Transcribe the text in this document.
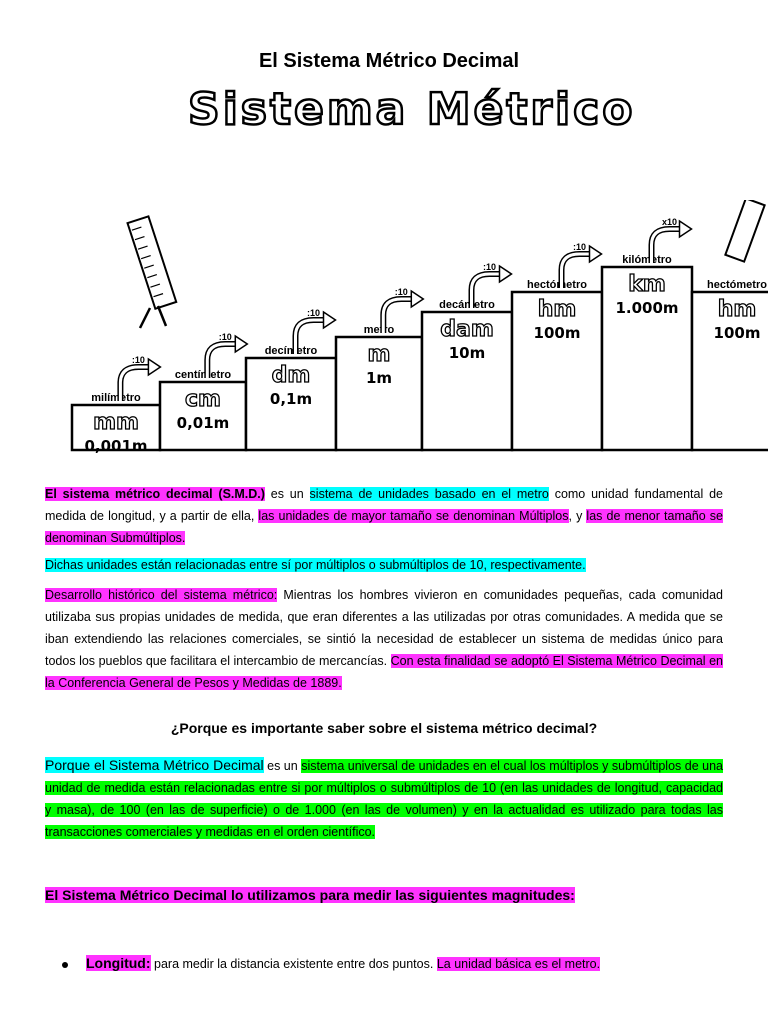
El Sistema Métrico Decimal
Sistema Métrico
milímetro
mm
0,001m
:10
centímetro
cm
0,01m
:10
decímetro
dm
0,1m
:10
metro
m
1m
:10
decámetro
dam
10m
:10
hectómetro
hm
100m
:10
kilómetro
km
1.000m
x10
hectómetro
hm
100m
El sistema métrico decimal (S.M.D.) es un sistema de unidades basado en el metro como unidad fundamental de medida de longitud, y a partir de ella, las unidades de mayor tamaño se denominan Múltiplos, y las de menor tamaño se denominan Submúltiplos.
Dichas unidades están relacionadas entre sí por múltiplos o submúltiplos de 10, respectivamente.
Desarrollo histórico del sistema métrico: Mientras los hombres vivieron en comunidades pequeñas, cada comunidad utilizaba sus propias unidades de medida, que eran diferentes a las utilizadas por otras comunidades. A medida que se iban extendiendo las relaciones comerciales, se sintió la necesidad de establecer un sistema de medidas único para todos los pueblos que facilitara el intercambio de mercancías. Con esta finalidad se adoptó El Sistema Métrico Decimal en la Conferencia General de Pesos y Medidas de 1889.
¿Porque es importante saber sobre el sistema métrico decimal?
Porque el Sistema Métrico Decimal es un sistema universal de unidades en el cual los múltiplos y submúltiplos de una unidad de medida están relacionadas entre si por múltiplos o submúltiplos de 10 (en las unidades de longitud, capacidad y masa), de 100 (en las de superficie) o de 1.000 (en las de volumen) y en la actualidad es utilizado para todas las transacciones comerciales y medidas en el orden científico.
El Sistema Métrico Decimal lo utilizamos para medir las siguientes magnitudes:
Longitud: para medir la distancia existente entre dos puntos. La unidad básica es el metro.
